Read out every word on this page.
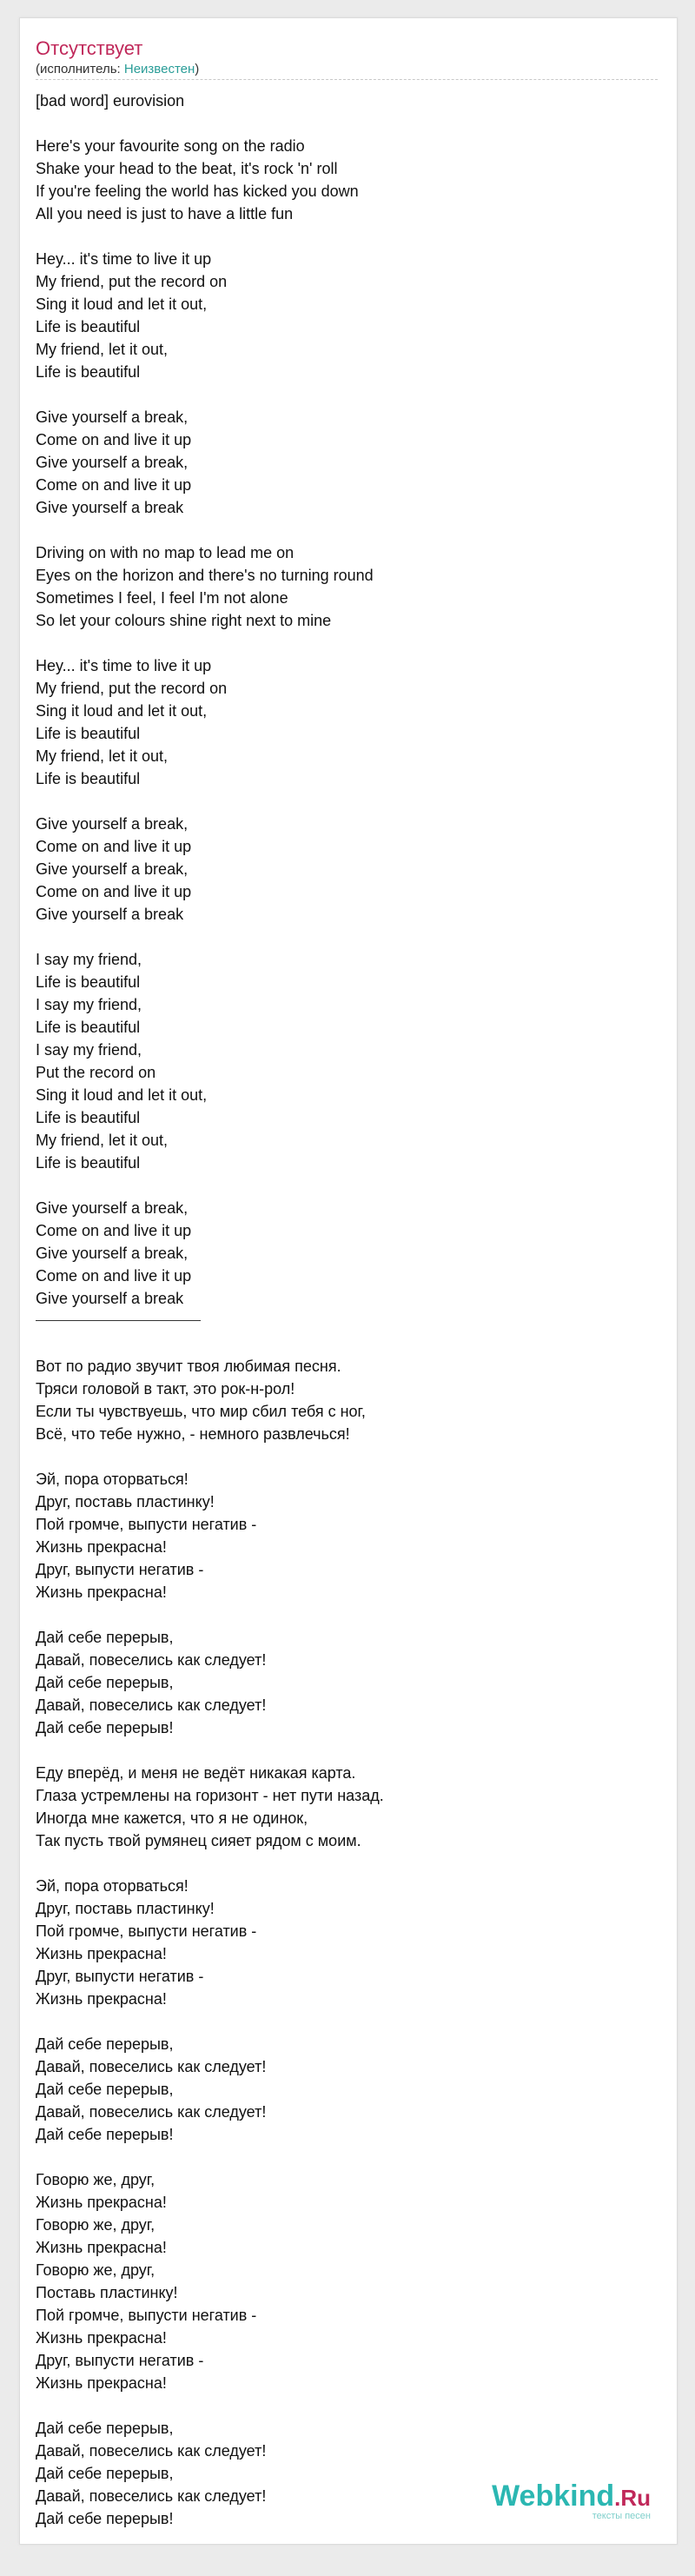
Отсутствует
(исполнитель: Неизвестен)
[bad word] eurovision
Here's your favourite song on the radio
Shake your head to the beat, it's rock 'n' roll
If you're feeling the world has kicked you down
All you need is just to have a little fun
Hey... it's time to live it up
My friend, put the record on
Sing it loud and let it out,
Life is beautiful
My friend, let it out,
Life is beautiful
Give yourself a break,
Come on and live it up
Give yourself a break,
Come on and live it up
Give yourself a break
Driving on with no map to lead me on
Eyes on the horizon and there's no turning round
Sometimes I feel, I feel I'm not alone
So let your colours shine right next to mine
Hey... it's time to live it up
My friend, put the record on
Sing it loud and let it out,
Life is beautiful
My friend, let it out,
Life is beautiful
Give yourself a break,
Come on and live it up
Give yourself a break,
Come on and live it up
Give yourself a break
I say my friend,
Life is beautiful
I say my friend,
Life is beautiful
I say my friend,
Put the record on
Sing it loud and let it out,
Life is beautiful
My friend, let it out,
Life is beautiful
Give yourself a break,
Come on and live it up
Give yourself a break,
Come on and live it up
Give yourself a break
Вот по радио звучит твоя любимая песня.
Тряси головой в такт, это рок-н-рол!
Если ты чувствуешь, что мир сбил тебя с ног,
Всё, что тебе нужно, - немного развлечься!
Эй, пора оторваться!
Друг, поставь пластинку!
Пой громче, выпусти негатив -
Жизнь прекрасна!
Друг, выпусти негатив -
Жизнь прекрасна!
Дай себе перерыв,
Давай, повеселись как следует!
Дай себе перерыв,
Давай, повеселись как следует!
Дай себе перерыв!
Еду вперёд, и меня не ведёт никакая карта.
Глаза устремлены на горизонт - нет пути назад.
Иногда мне кажется, что я не одинок,
Так пусть твой румянец сияет рядом с моим.
Эй, пора оторваться!
Друг, поставь пластинку!
Пой громче, выпусти негатив -
Жизнь прекрасна!
Друг, выпусти негатив -
Жизнь прекрасна!
Дай себе перерыв,
Давай, повеселись как следует!
Дай себе перерыв,
Давай, повеселись как следует!
Дай себе перерыв!
Говорю же, друг,
Жизнь прекрасна!
Говорю же, друг,
Жизнь прекрасна!
Говорю же, друг,
Поставь пластинку!
Пой громче, выпусти негатив -
Жизнь прекрасна!
Друг, выпусти негатив -
Жизнь прекрасна!
Дай себе перерыв,
Давай, повеселись как следует!
Дай себе перерыв,
Давай, повеселись как следует!
Дай себе перерыв!
Webkind.Ru
тексты песен
